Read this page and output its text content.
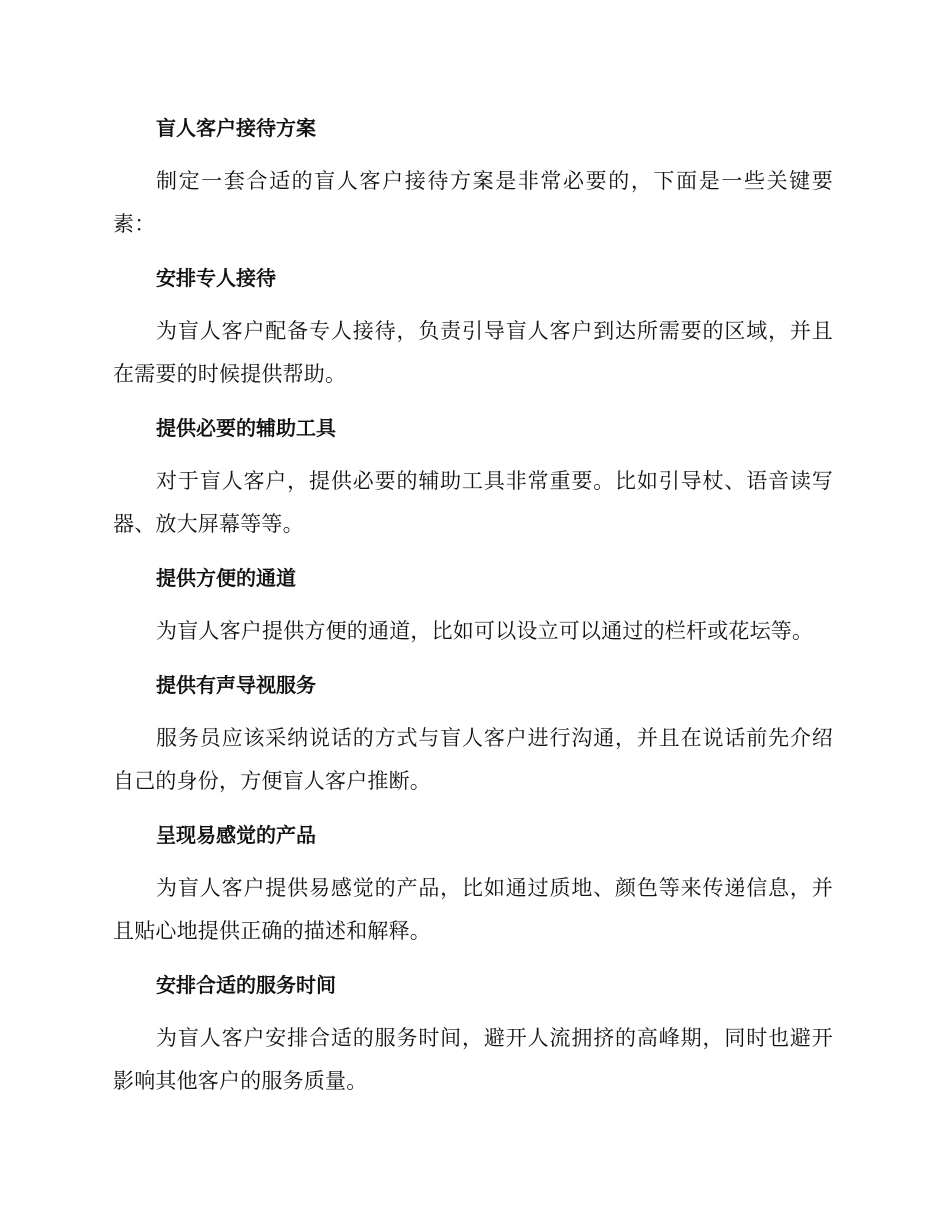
盲人客户接待方案

制定一套合适的盲人客户接待方案是非常必要的，下面是一些关键要素：

安排专人接待

为盲人客户配备专人接待，负责引导盲人客户到达所需要的区域，并且在需要的时候提供帮助。

提供必要的辅助工具

对于盲人客户，提供必要的辅助工具非常重要。比如引导杖、语音读写器、放大屏幕等等。

提供方便的通道

为盲人客户提供方便的通道，比如可以设立可以通过的栏杆或花坛等。

提供有声导视服务

服务员应该采纳说话的方式与盲人客户进行沟通，并且在说话前先介绍自己的身份，方便盲人客户推断。

呈现易感觉的产品

为盲人客户提供易感觉的产品，比如通过质地、颜色等来传递信息，并且贴心地提供正确的描述和解释。

安排合适的服务时间

为盲人客户安排合适的服务时间，避开人流拥挤的高峰期，同时也避开影响其他客户的服务质量。
